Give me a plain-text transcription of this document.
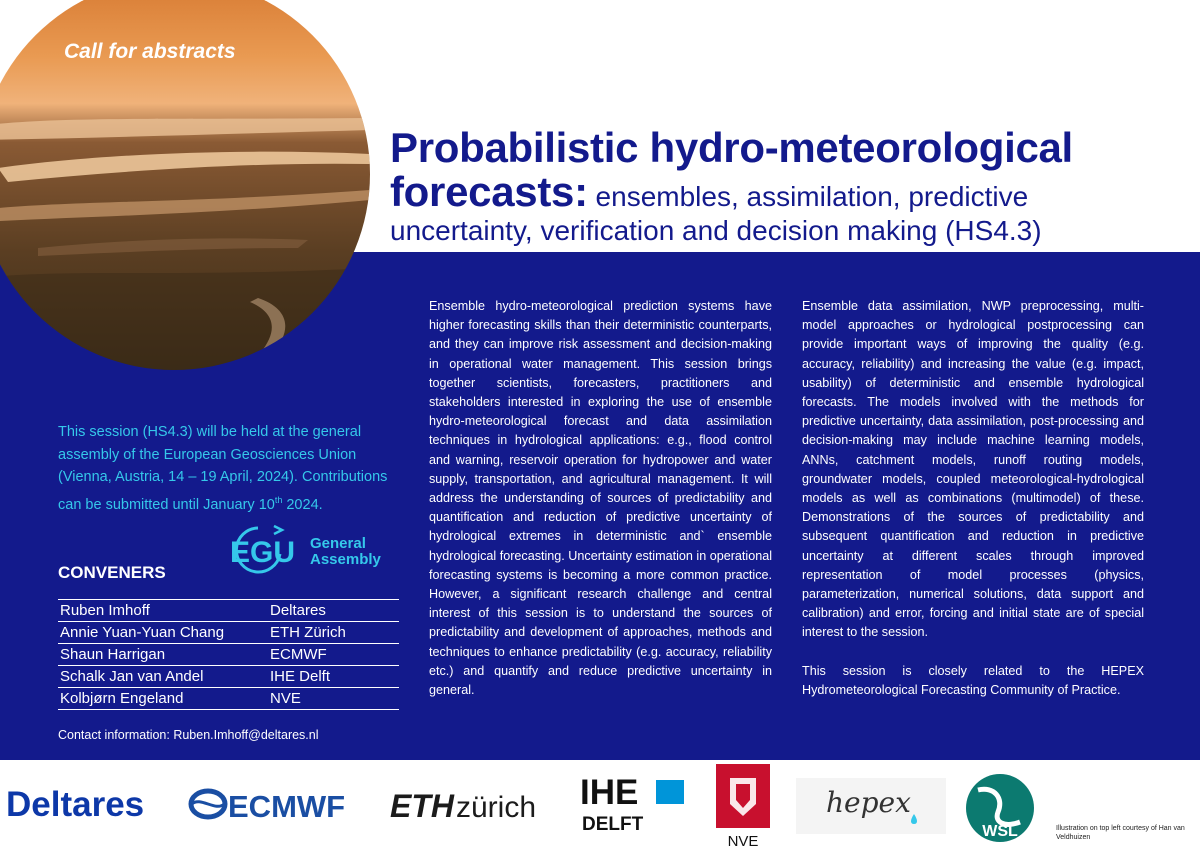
Call for abstracts
Probabilistic hydro-meteorological
forecasts: ensembles, assimilation, predictive
uncertainty, verification and decision making (HS4.3)
This session (HS4.3) will be held at the general assembly of the European Geosciences Union (Vienna, Austria, 14 – 19 April, 2024). Contributions can be submitted until January 10th 2024.
EGU General
Assembly
CONVENERS
Ruben Imhoff	Deltares
Annie Yuan-Yuan Chang	ETH Zürich
Shaun Harrigan	ECMWF
Schalk Jan van Andel	IHE Delft
Kolbjørn Engeland	NVE
Contact information: Ruben.Imhoff@deltares.nl
Ensemble hydro-meteorological prediction systems have higher forecasting skills than their deterministic counterparts, and they can improve risk assessment and decision-making in operational water management. This session brings together scientists, forecasters, practitioners and stakeholders interested in exploring the use of ensemble hydro-meteorological forecast and data assimilation techniques in hydrological applications: e.g., flood control and warning, reservoir operation for hydropower and water supply, transportation, and agricultural management. It will address the understanding of sources of predictability and quantification and reduction of predictive uncertainty of hydrological extremes in deterministic and` ensemble hydrological forecasting. Uncertainty estimation in operational forecasting systems is becoming a more common practice. However, a significant research challenge and central interest of this session is to understand the sources of predictability and development of approaches, methods and techniques to enhance predictability (e.g. accuracy, reliability etc.) and quantify and reduce predictive uncertainty in general.

Ensemble data assimilation, NWP preprocessing, multi-model approaches or hydrological postprocessing can provide important ways of improving the quality (e.g. accuracy, reliability) and increasing the value (e.g. impact, usability) of deterministic and ensemble hydrological forecasts. The models involved with the methods for predictive uncertainty, data assimilation, post-processing and decision-making may include machine learning models, ANNs, catchment models, runoff routing models, groundwater models, coupled meteorological-hydrological models as well as combinations (multimodel) of these. Demonstrations of the sources of predictability and subsequent quantification and reduction in predictive uncertainty at different scales through improved representation of model processes (physics, parameterization, numerical solutions, data support and calibration) and error, forcing and initial state are of special interest to the session.

This session is closely related to the HEPEX Hydrometeorological Forecasting Community of Practice.

Deltares	ECMWF ETH zürich IHE
DELFT
NVE
hepex
WSL	Illustration on top left courtesy of Han van Veldhuizen
